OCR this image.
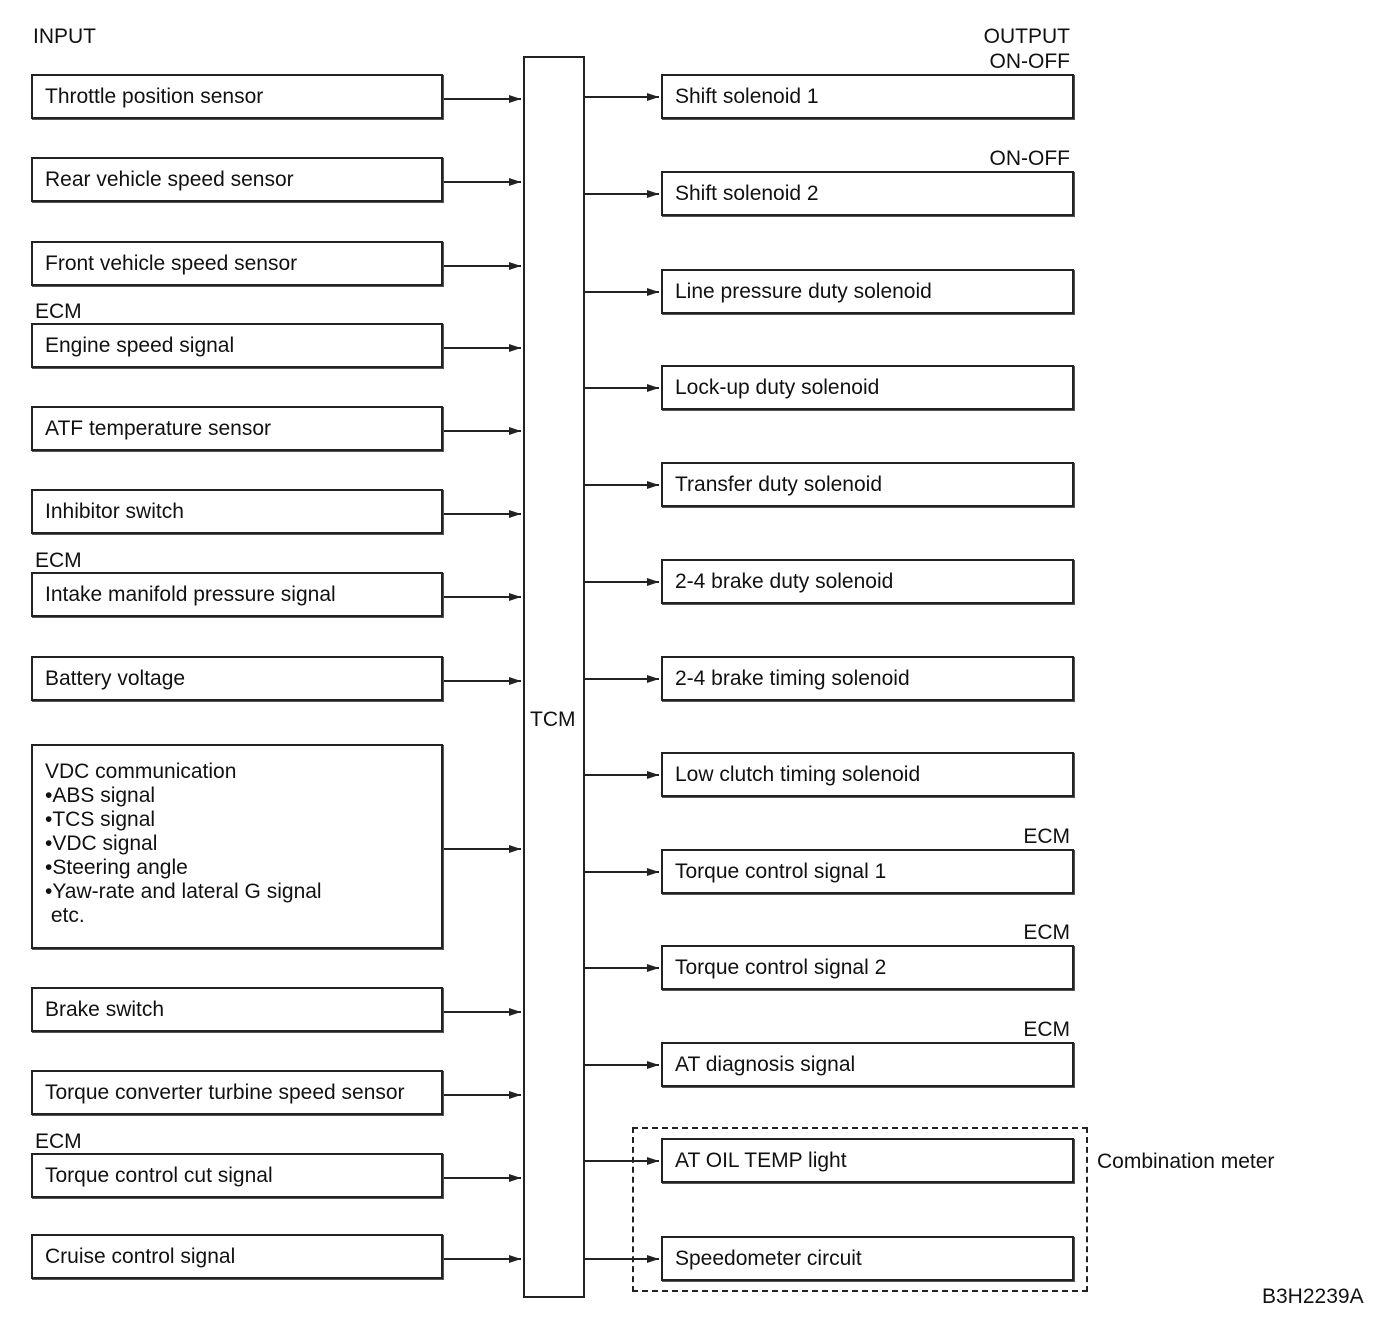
INPUT	OUTPUT
TCM
Combination meter
B3H2239A
Throttle position sensor
Rear vehicle speed sensor
Front vehicle speed sensor
Engine speed signal
ECM
ATF temperature sensor
Inhibitor switch
Intake manifold pressure signal
ECM
Battery voltage
VDC communication
•ABS signal
•TCS signal
•VDC signal
•Steering angle
•Yaw-rate and lateral G signal
etc.
Brake switch
Torque converter turbine speed sensor
Torque control cut signal
ECM
Cruise control signal
Shift solenoid 1
ON-OFF
Shift solenoid 2
ON-OFF
Line pressure duty solenoid
Lock-up duty solenoid
Transfer duty solenoid
2-4 brake duty solenoid
2-4 brake timing solenoid
Low clutch timing solenoid
Torque control signal 1
ECM
Torque control signal 2
ECM
AT diagnosis signal
ECM
AT OIL TEMP light
Speedometer circuit
